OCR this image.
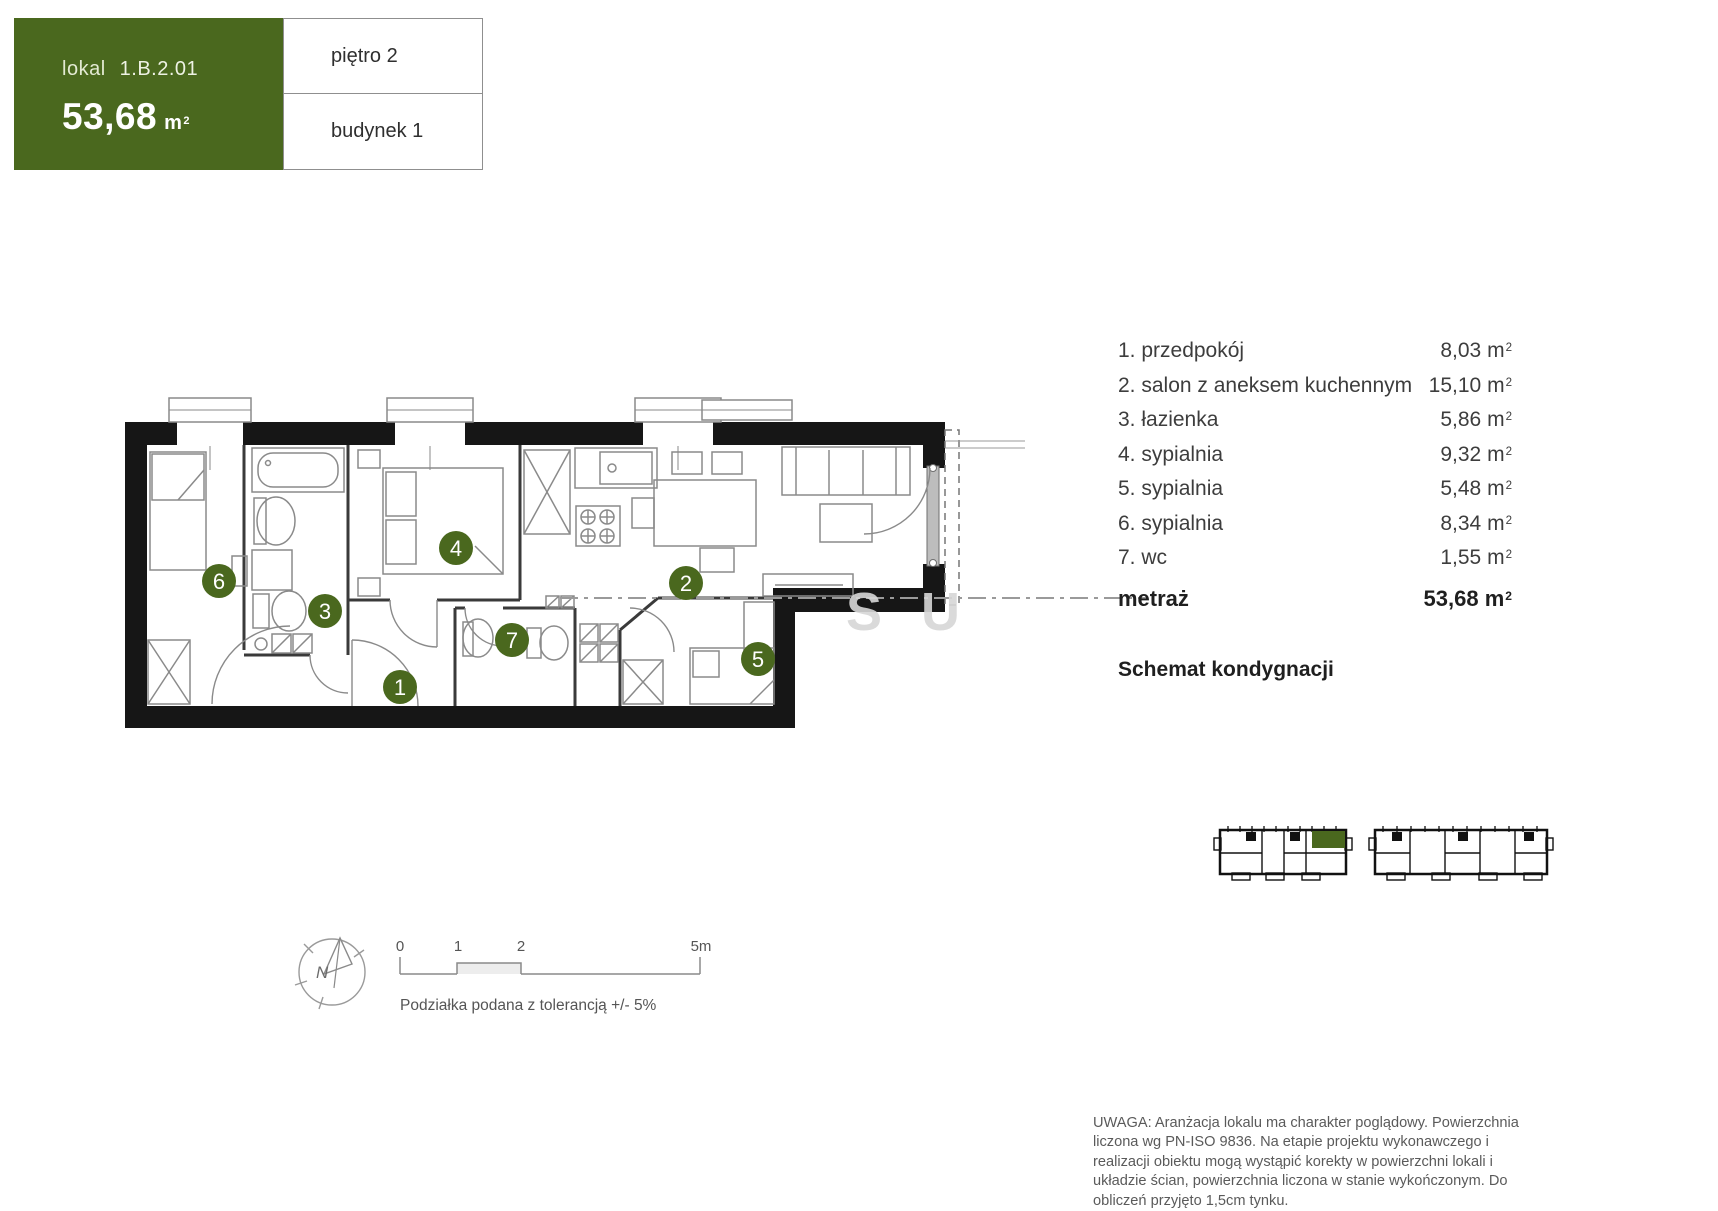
lokal 1.B.2.01
53,68 $m^2$
piętro 2
budynek 1
S U
1
2
3
4
5
6
7
1. przedpokój	8,03 $m^2$
2. salon z aneksem kuchennym 15,10 $m^2$
3. łazienka	5,86 $m^2$
4. sypialnia	9,32 $m^2$
5. sypialnia	5,48 $m^2$
6. sypialnia	8,34 $m^2$
7. wc	1,55 $m^2$
metraż	53,68 $m^2$
Schemat kondygnacji
N
0	1	2	5m
Podziałka podana z tolerancją +/- 5%
UWAGA: Aranżacja lokalu ma charakter poglądowy. Powierzchnia liczona wg PN-ISO 9836. Na etapie projektu wykonawczego i realizacji obiektu mogą wystąpić korekty w powierzchni lokali i układzie ścian, powierzchnia liczona w stanie wykończonym. Do obliczeń przyjęto 1,5cm tynku.
